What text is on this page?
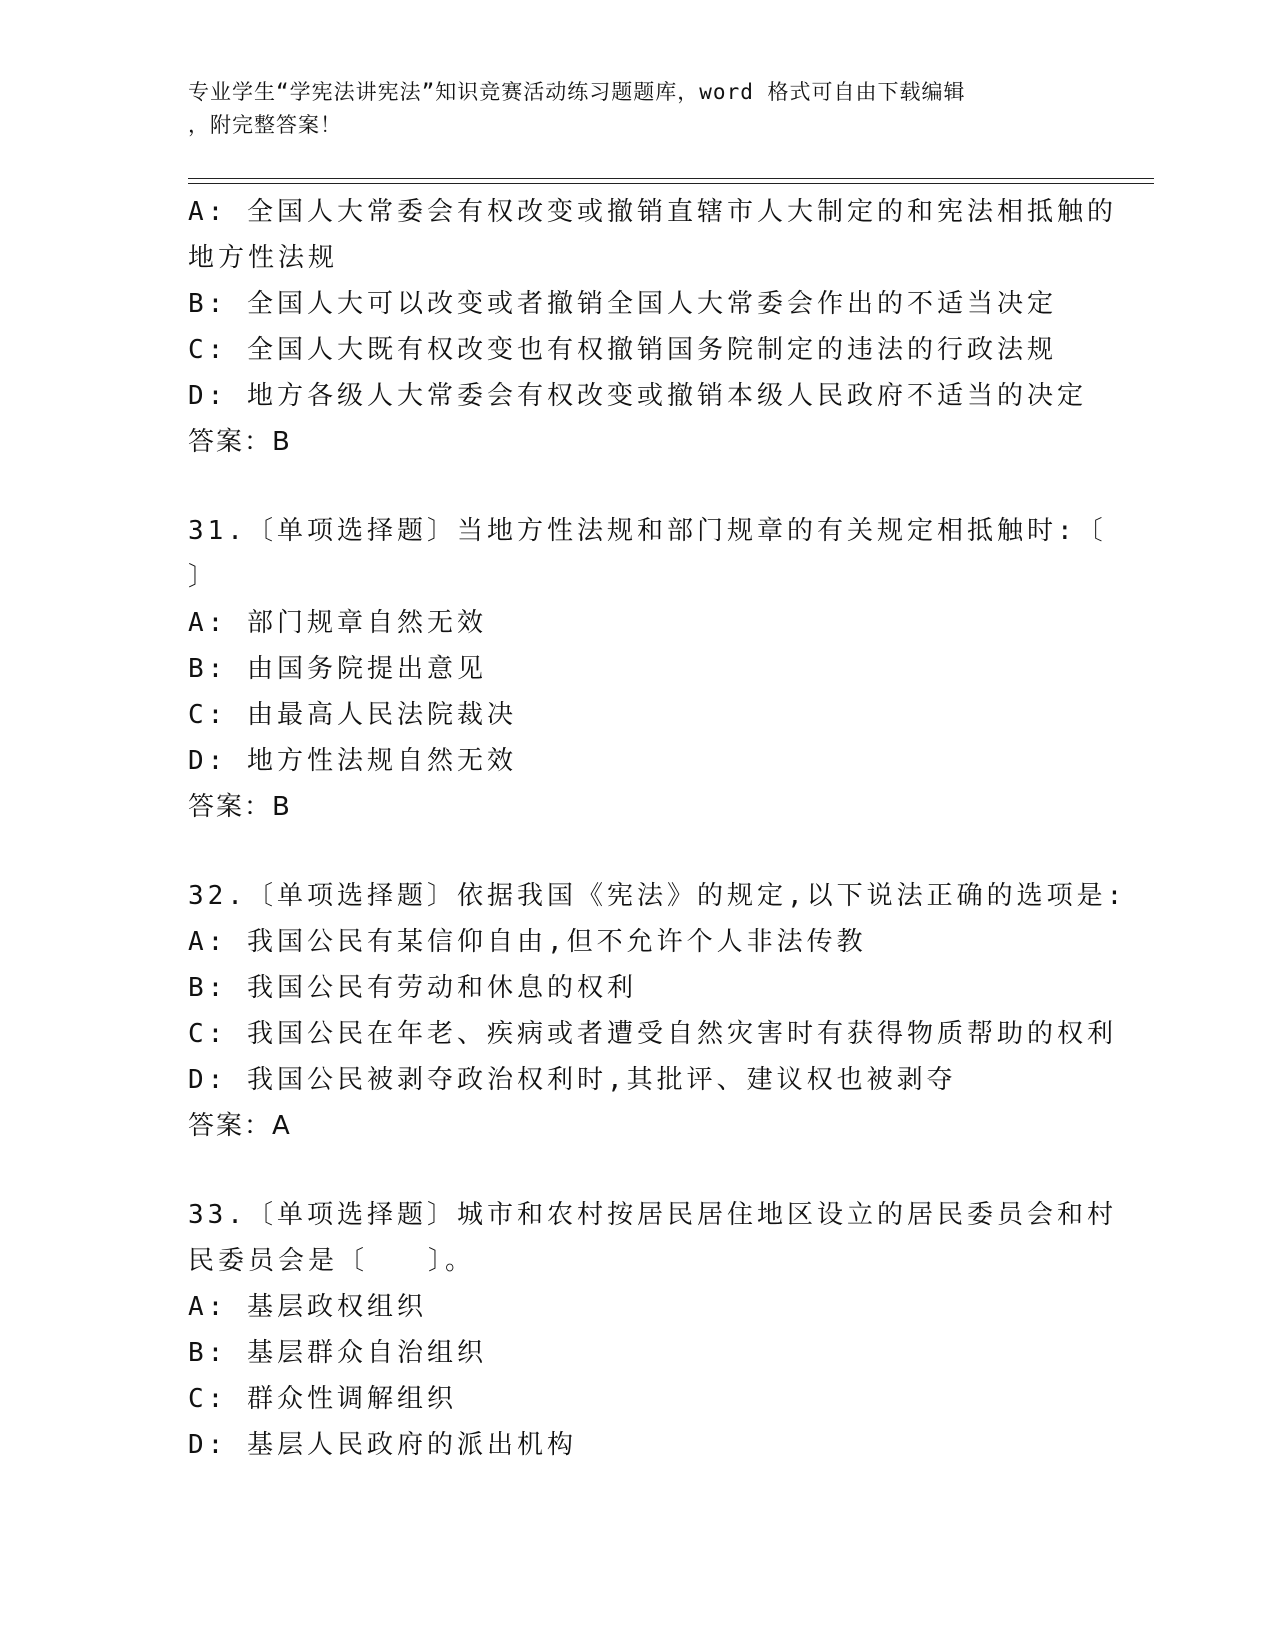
专业学生“学宪法讲宪法”知识竞赛活动练习题题库，word 格式可自由下载编辑
，附完整答案！
A: 全国人大常委会有权改变或撤销直辖市人大制定的和宪法相抵触的
地方性法规
B: 全国人大可以改变或者撤销全国人大常委会作出的不适当决定
C: 全国人大既有权改变也有权撤销国务院制定的违法的行政法规
D: 地方各级人大常委会有权改变或撤销本级人民政府不适当的决定
答案：B
31.〔单项选择题〕当地方性法规和部门规章的有关规定相抵触时:〔
〕
A: 部门规章自然无效
B: 由国务院提出意见
C: 由最高人民法院裁决
D: 地方性法规自然无效
答案：B
32.〔单项选择题〕依据我国《宪法》的规定,以下说法正确的选项是:
A: 我国公民有某信仰自由,但不允许个人非法传教
B: 我国公民有劳动和休息的权利
C: 我国公民在年老、疾病或者遭受自然灾害时有获得物质帮助的权利
D: 我国公民被剥夺政治权利时,其批评、建议权也被剥夺
答案：A
33.〔单项选择题〕城市和农村按居民居住地区设立的居民委员会和村
民委员会是〔　　〕。
A: 基层政权组织
B: 基层群众自治组织
C: 群众性调解组织
D: 基层人民政府的派出机构
